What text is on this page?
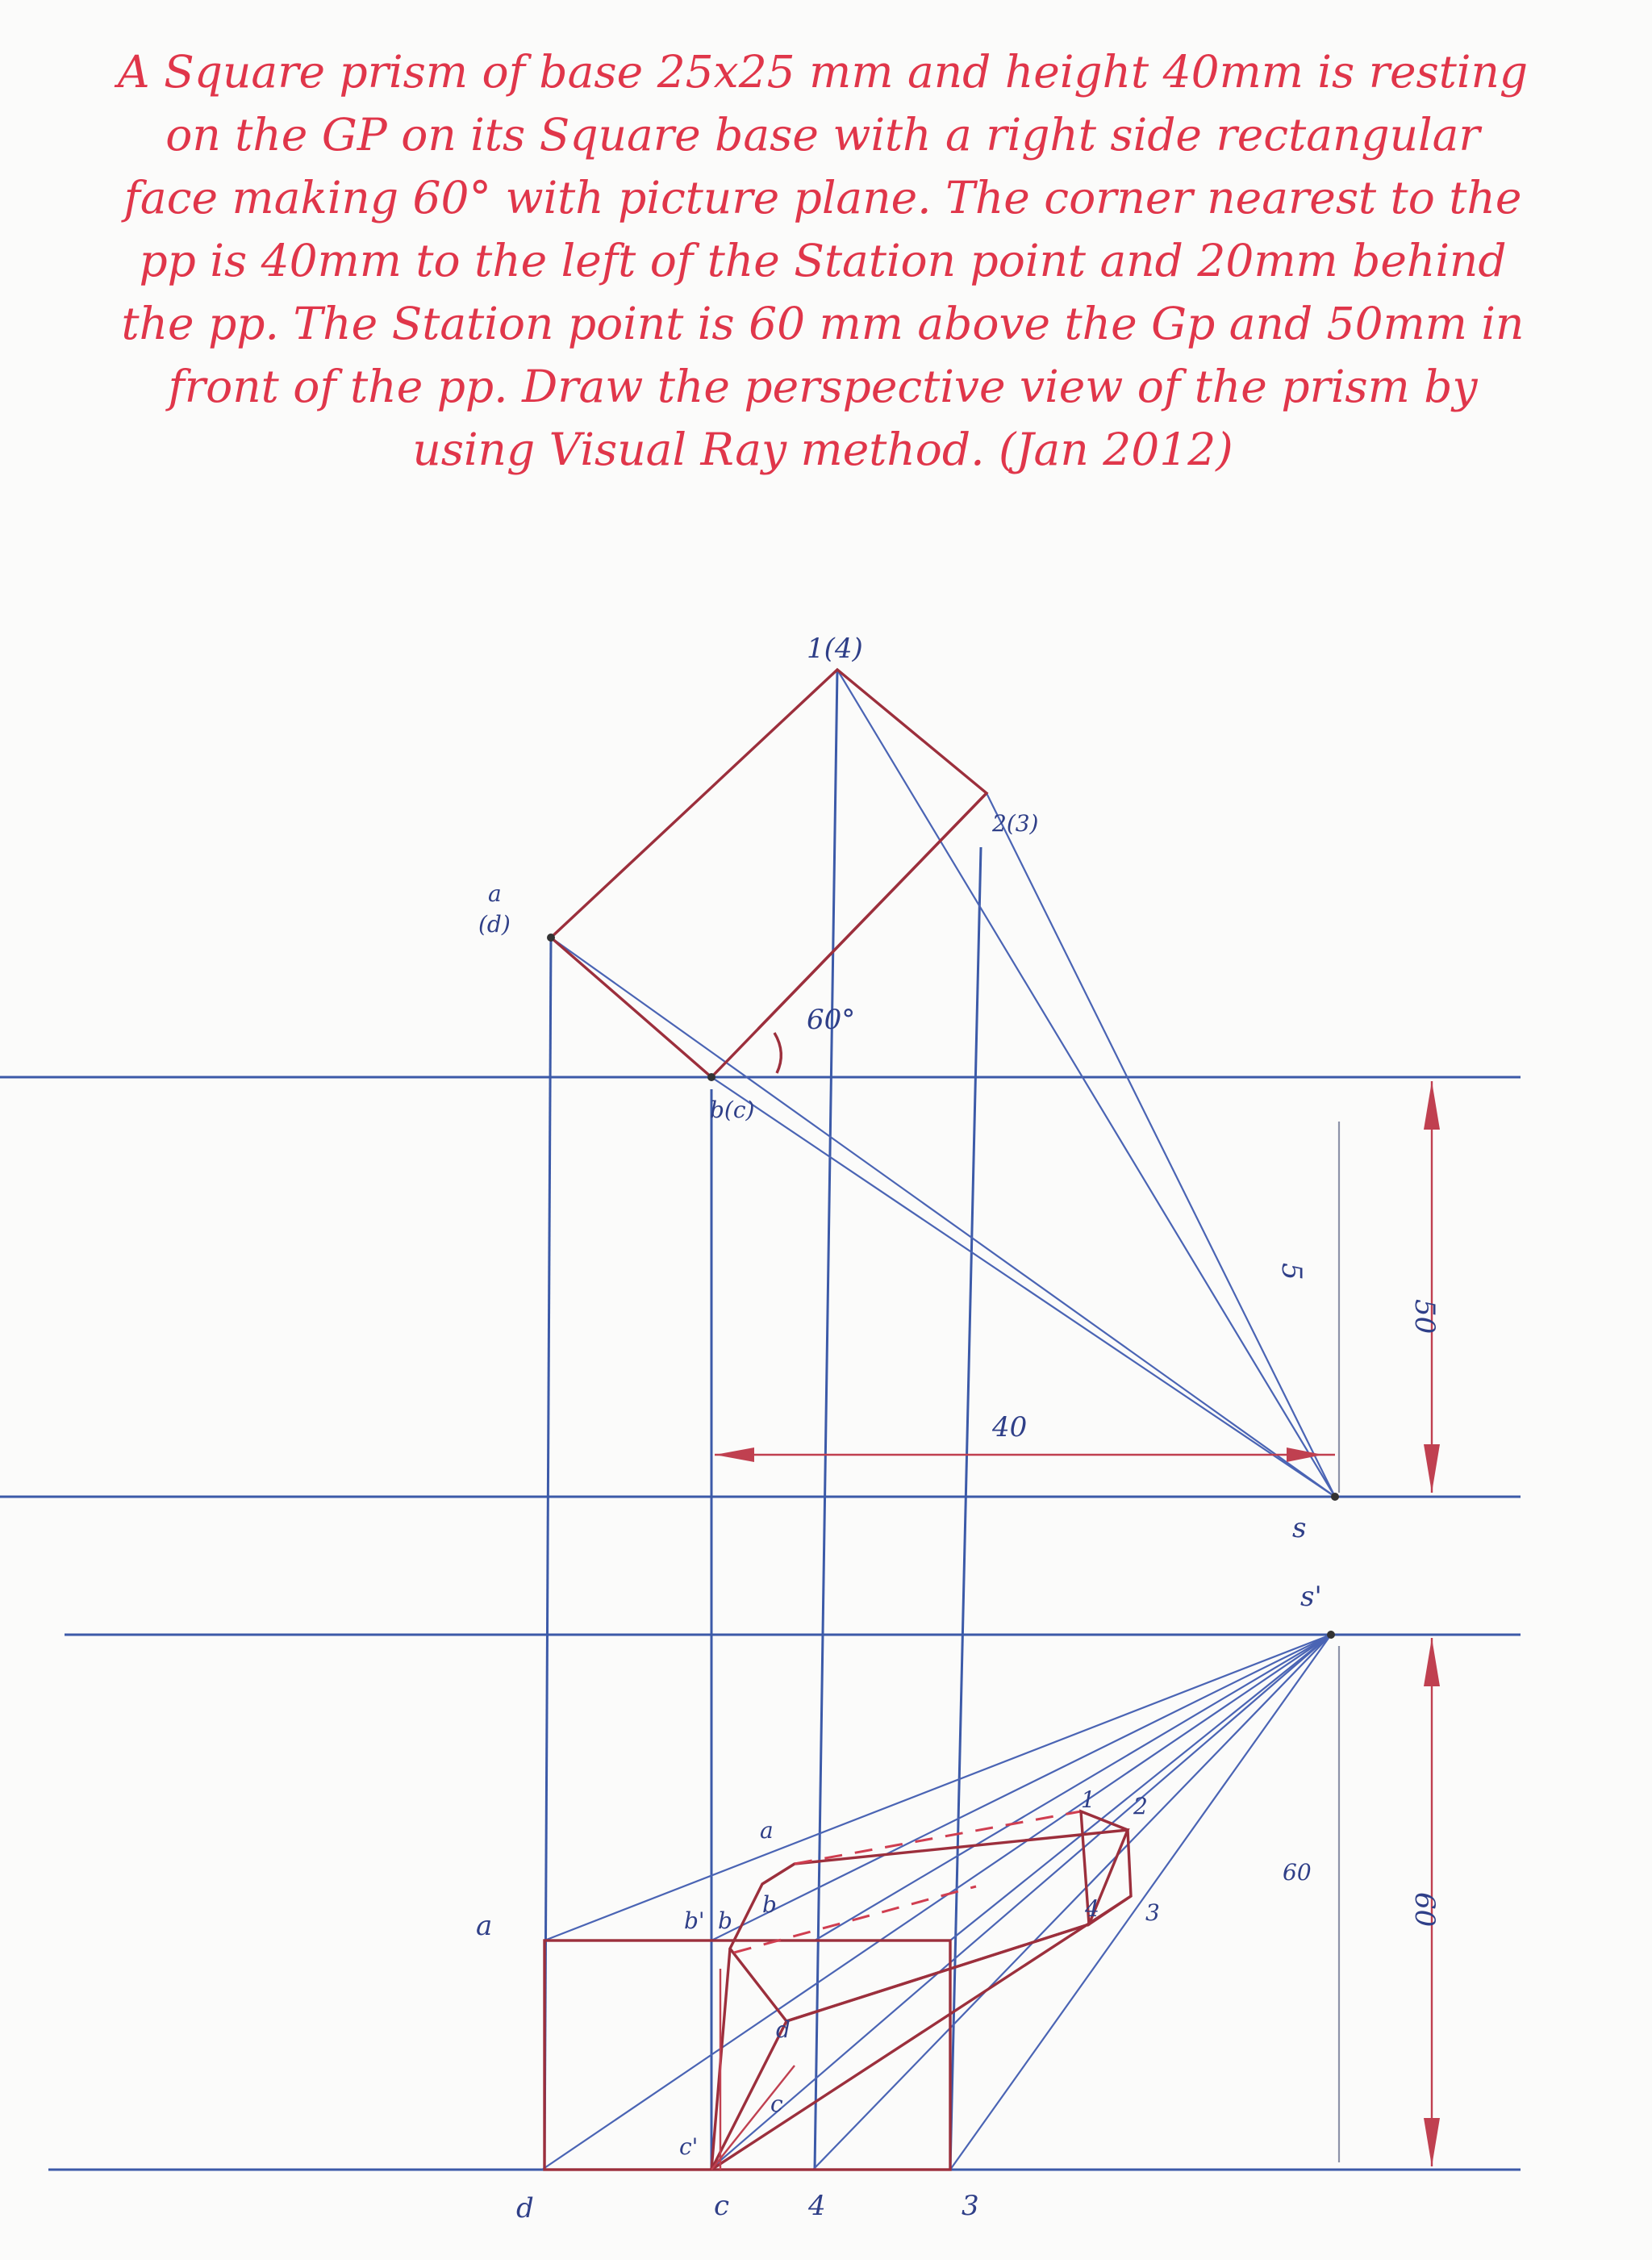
A Square prism of base 25x25 mm and height 40mm is resting on the GP on its Square base with a right side rectangular face making 60° with picture plane. The corner nearest to the pp is 40mm to the left of the Station point and 20mm behind the pp. The Station point is 60 mm above the Gp and 50mm in front of the pp. Draw the perspective view of the prism by using Visual Ray method. (Jan 2012)

1(4)
2(3)
a
(d)
b(c)
60°
40
50
5
s
s'
a
d
b' b
c'
c	4	3
a
b
d
c
1 2
3
4
60
60
